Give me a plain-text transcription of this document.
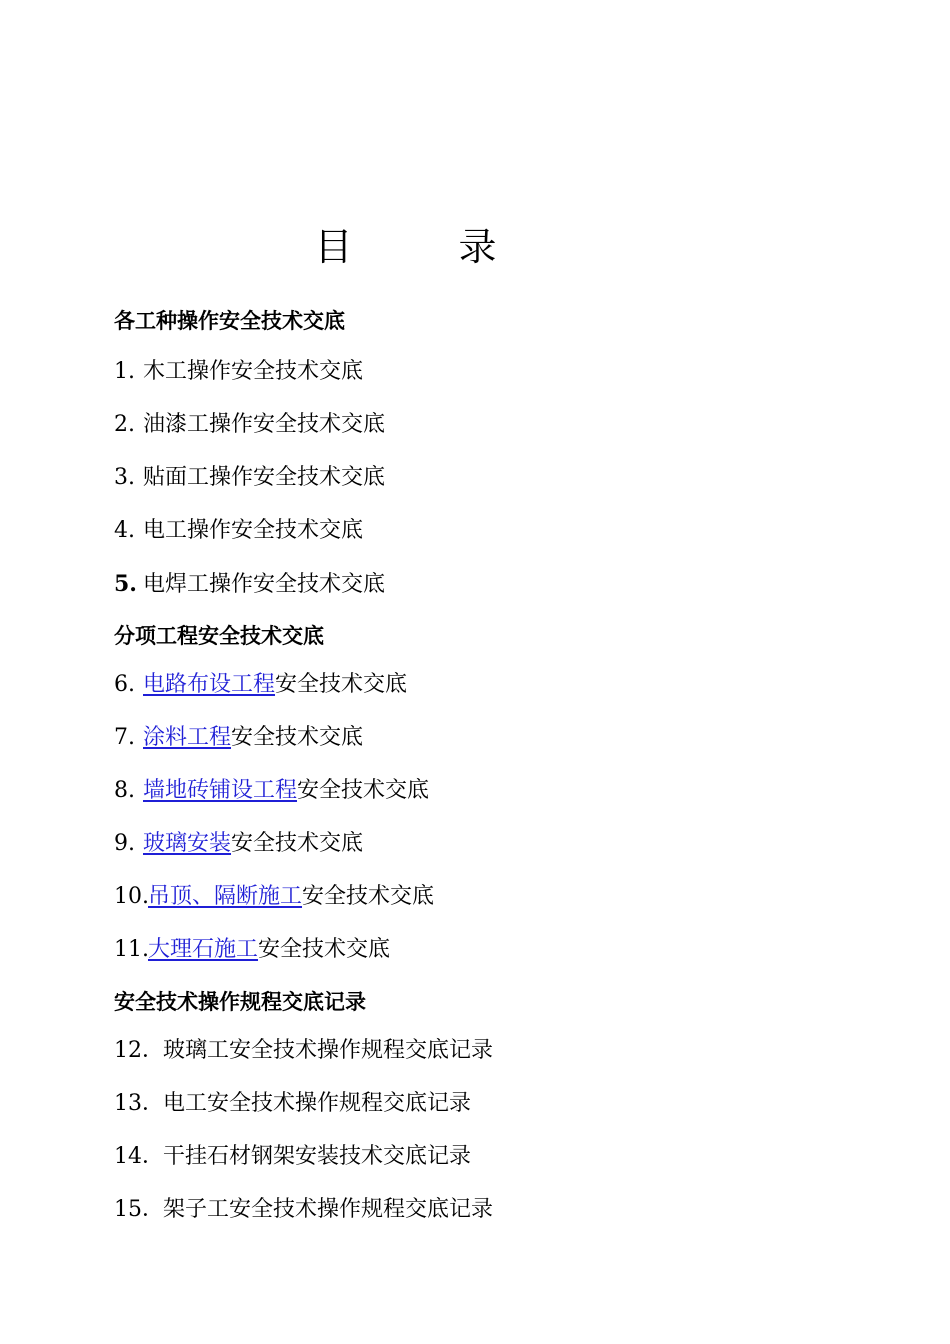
目　录
各工种操作安全技术交底
1. 木工操作安全技术交底
2. 油漆工操作安全技术交底
3. 贴面工操作安全技术交底
4. 电工操作安全技术交底
5. 电焊工操作安全技术交底
分项工程安全技术交底
6. 电路布设工程安全技术交底
7. 涂料工程安全技术交底
8. 墙地砖铺设工程安全技术交底
9. 玻璃安装安全技术交底
10.吊顶、隔断施工安全技术交底
11.大理石施工安全技术交底
安全技术操作规程交底记录
12．玻璃工安全技术操作规程交底记录
13．电工安全技术操作规程交底记录
14．干挂石材钢架安装技术交底记录
15．架子工安全技术操作规程交底记录
